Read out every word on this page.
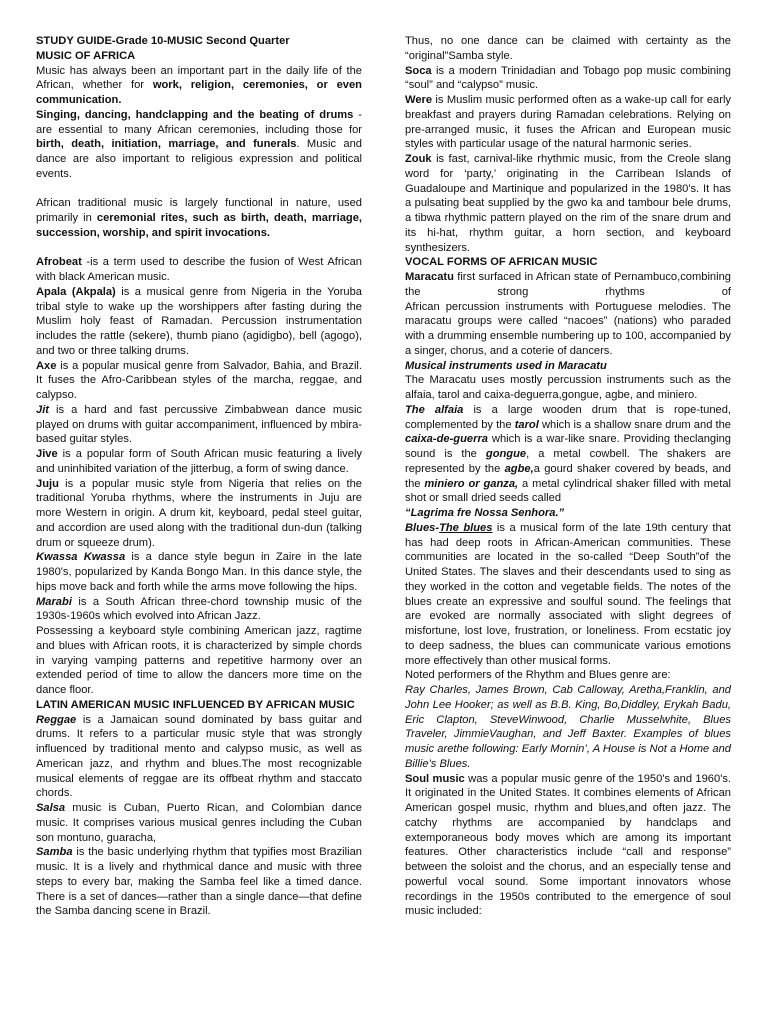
STUDY GUIDE-Grade 10-MUSIC Second Quarter

MUSIC OF AFRICA

Music has always been an important part in the daily life of the African, whether for work, religion, ceremonies, or even communication.

Singing, dancing, handclapping and the beating of drums - are essential to many African ceremonies, including those for birth, death, initiation, marriage, and funerals. Music and dance are also important to religious expression and political events.

African traditional music is largely functional in nature, used primarily in ceremonial rites, such as birth, death, marriage, succession, worship, and spirit invocations.

Afrobeat -is a term used to describe the fusion of West African with black American music.

Apala (Akpala) is a musical genre from Nigeria in the Yoruba tribal style to wake up the worshippers after fasting during the Muslim holy feast of Ramadan. Percussion instrumentation includes the rattle (sekere), thumb piano (agidigbo), bell (agogo), and two or three talking drums.

Axe is a popular musical genre from Salvador, Bahia, and Brazil. It fuses the Afro-Caribbean styles of the marcha, reggae, and calypso.

Jit is a hard and fast percussive Zimbabwean dance music played on drums with guitar accompaniment, influenced by mbira-based guitar styles.

Jive is a popular form of South African music featuring a lively and uninhibited variation of the jitterbug, a form of swing dance.

Juju is a popular music style from Nigeria that relies on the traditional Yoruba rhythms, where the instruments in Juju are more Western in origin. A drum kit, keyboard, pedal steel guitar, and accordion are used along with the traditional dun-dun (talking drum or squeeze drum).

Kwassa Kwassa is a dance style begun in Zaire in the late 1980's, popularized by Kanda Bongo Man. In this dance style, the hips move back and forth while the arms move following the hips.

Marabi is a South African three-chord township music of the 1930s-1960s which evolved into African Jazz.

Possessing a keyboard style combining American jazz, ragtime and blues with African roots, it is characterized by simple chords in varying vamping patterns and repetitive harmony over an extended period of time to allow the dancers more time on the dance floor.

LATIN AMERICAN MUSIC INFLUENCED BY AFRICAN MUSIC

Reggae is a Jamaican sound dominated by bass guitar and drums. It refers to a particular music style that was strongly influenced by traditional mento and calypso music, as well as American jazz, and rhythm and blues.The most recognizable musical elements of reggae are its offbeat rhythm and staccato chords.

Salsa music is Cuban, Puerto Rican, and Colombian dance music. It comprises various musical genres including the Cuban son montuno, guaracha,

Samba is the basic underlying rhythm that typifies most Brazilian music. It is a lively and rhythmical dance and music with three steps to every bar, making the Samba feel like a timed dance. There is a set of dances—rather than a single dance—that define the Samba dancing scene in Brazil.

Thus, no one dance can be claimed with certainty as the “original”Samba style.

Soca is a modern Trinidadian and Tobago pop music combining “soul” and “calypso” music.

Were is Muslim music performed often as a wake-up call for early breakfast and prayers during Ramadan celebrations. Relying on pre-arranged music, it fuses the African and European music styles with particular usage of the natural harmonic series.

Zouk is fast, carnival-like rhythmic music, from the Creole slang word for ‘party,’ originating in the Carribean Islands of Guadaloupe and Martinique and popularized in the 1980's. It has a pulsating beat supplied by the gwo ka and tambour bele drums, a tibwa rhythmic pattern played on the rim of the snare drum and its hi-hat, rhythm guitar, a horn section, and keyboard synthesizers.

VOCAL FORMS OF AFRICAN MUSIC

Maracatu first surfaced in African state of Pernambuco,combining the strong rhythms of

African percussion instruments with Portuguese melodies. The maracatu groups were called “nacoes” (nations) who paraded with a drumming ensemble numbering up to 100, accompanied by a singer, chorus, and a coterie of dancers.

Musical instruments used in Maracatu

The Maracatu uses mostly percussion instruments such as the alfaia, tarol and caixa-deguerra,gongue, agbe, and miniero.

The alfaia is a large wooden drum that is rope-tuned, complemented by the tarol which is a shallow snare drum and the caixa-de-guerra which is a war-like snare. Providing theclanging sound is the gongue, a metal cowbell. The shakers are represented by the agbe,a gourd shaker covered by beads, and the miniero or ganza, a metal cylindrical shaker filled with metal shot or small dried seeds called

“Lagrima fre Nossa Senhora.”

Blues-The blues is a musical form of the late 19th century that has had deep roots in African-American communities. These communities are located in the so-called “Deep South”of the United States. The slaves and their descendants used to sing as they worked in the cotton and vegetable fields. The notes of the blues create an expressive and soulful sound. The feelings that are evoked are normally associated with slight degrees of misfortune, lost love, frustration, or loneliness. From ecstatic joy to deep sadness, the blues can communicate various emotions more effectively than other musical forms.

Noted performers of the Rhythm and Blues genre are:

Ray Charles, James Brown, Cab Calloway, Aretha,Franklin, and John Lee Hooker; as well as B.B. King, Bo,Diddley, Erykah Badu, Eric Clapton, SteveWinwood, Charlie Musselwhite, Blues Traveler, JimmieVaughan, and Jeff Baxter. Examples of blues music arethe following: Early Mornin’, A House is Not a Home and Billie’s Blues.

Soul music was a popular music genre of the 1950's and 1960's. It originated in the United States. It combines elements of African American gospel music, rhythm and blues,and often jazz. The catchy rhythms are accompanied by handclaps and extemporaneous body moves which are among its important features. Other characteristics include “call and response” between the soloist and the chorus, and an especially tense and powerful vocal sound. Some important innovators whose recordings in the 1950s contributed to the emergence of soul music included:
